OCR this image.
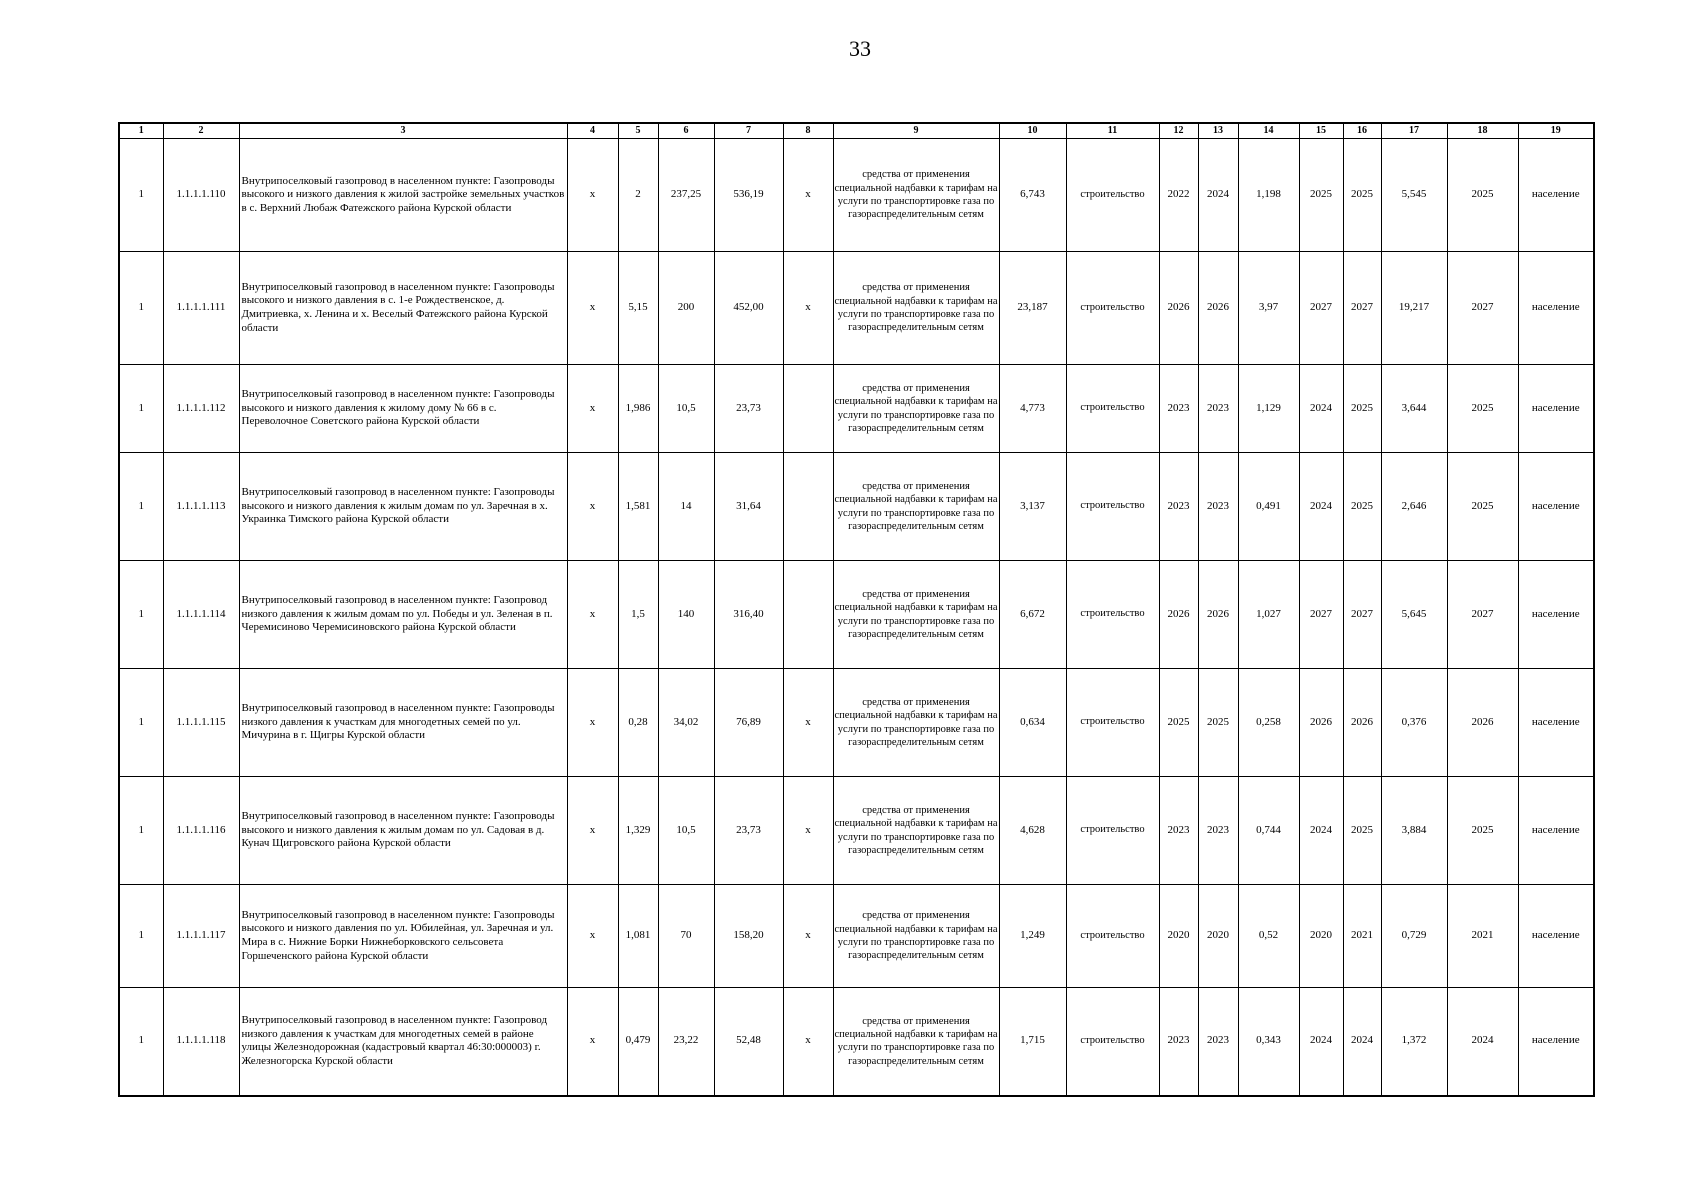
33
1	2	3	4	5	6	7	8	9	10	11	12	13	14	15	16	17	18	19
1	1.1.1.1.110	Внутрипоселковый газопровод в населенном пункте: Газопроводы высокого и низкого давления к жилой застройке земельных участков в с. Верхний Любаж Фатежского района Курской области	x	2	237,25	536,19	x	средства от применения специальной надбавки к тарифам на услуги по транспортировке газа по газораспределительным сетям	6,743	строительство	2022	2024	1,198	2025	2025	5,545	2025	население
1	1.1.1.1.111	Внутрипоселковый газопровод в населенном пункте: Газопроводы высокого и низкого давления в с. 1-е Рождественское, д. Дмитриевка, х. Ленина и х. Веселый Фатежского района Курской области	x	5,15	200	452,00	x	средства от применения специальной надбавки к тарифам на услуги по транспортировке газа по газораспределительным сетям	23,187	строительство	2026	2026	3,97	2027	2027	19,217	2027	население
1	1.1.1.1.112	Внутрипоселковый газопровод в населенном пункте: Газопроводы высокого и низкого давления к жилому дому № 66 в с. Переволочное Советского района Курской области	x	1,986	10,5	23,73		средства от применения специальной надбавки к тарифам на услуги по транспортировке газа по газораспределительным сетям	4,773	строительство	2023	2023	1,129	2024	2025	3,644	2025	население
1	1.1.1.1.113	Внутрипоселковый газопровод в населенном пункте: Газопроводы высокого и низкого давления к жилым домам по ул. Заречная в х. Украинка Тимского района Курской области	x	1,581	14	31,64		средства от применения специальной надбавки к тарифам на услуги по транспортировке газа по газораспределительным сетям	3,137	строительство	2023	2023	0,491	2024	2025	2,646	2025	население
1	1.1.1.1.114	Внутрипоселковый газопровод в населенном пункте: Газопровод низкого давления к жилым домам по ул. Победы и ул. Зеленая в п. Черемисиново Черемисиновского района Курской области	x	1,5	140	316,40		средства от применения специальной надбавки к тарифам на услуги по транспортировке газа по газораспределительным сетям	6,672	строительство	2026	2026	1,027	2027	2027	5,645	2027	население
1	1.1.1.1.115	Внутрипоселковый газопровод в населенном пункте: Газопроводы низкого давления к участкам для многодетных семей по ул. Мичурина в г. Щигры Курской области	x	0,28	34,02	76,89	x	средства от применения специальной надбавки к тарифам на услуги по транспортировке газа по газораспределительным сетям	0,634	строительство	2025	2025	0,258	2026	2026	0,376	2026	население
1	1.1.1.1.116	Внутрипоселковый газопровод в населенном пункте: Газопроводы высокого и низкого давления к жилым домам по ул. Садовая в д. Кунач Щигровского района Курской области	x	1,329	10,5	23,73	x	средства от применения специальной надбавки к тарифам на услуги по транспортировке газа по газораспределительным сетям	4,628	строительство	2023	2023	0,744	2024	2025	3,884	2025	население
1	1.1.1.1.117	Внутрипоселковый газопровод в населенном пункте: Газопроводы высокого и низкого давления по ул. Юбилейная, ул. Заречная и ул. Мира в с. Нижние Борки Нижнеборковского сельсовета Горшеченского района Курской области	x	1,081	70	158,20	x	средства от применения специальной надбавки к тарифам на услуги по транспортировке газа по газораспределительным сетям	1,249	строительство	2020	2020	0,52	2020	2021	0,729	2021	население
1	1.1.1.1.118	Внутрипоселковый газопровод в населенном пункте: Газопровод низкого давления к участкам для многодетных семей в районе улицы Железнодорожная (кадастровый квартал 46:30:000003) г. Железногорска Курской области	x	0,479	23,22	52,48	x	средства от применения специальной надбавки к тарифам на услуги по транспортировке газа по газораспределительным сетям	1,715	строительство	2023	2023	0,343	2024	2024	1,372	2024	население
